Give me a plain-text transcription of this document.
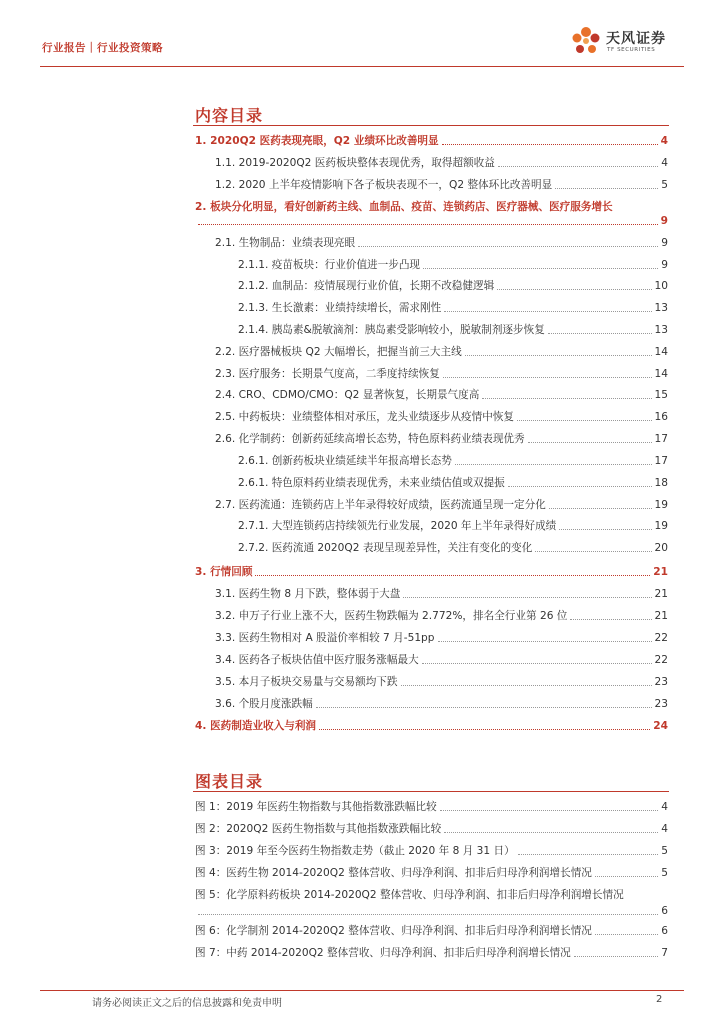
行业报告｜行业投资策略
天风证券
TF SECURITIES
内容目录
图表目录
1. 2020Q2 医药表现亮眼，Q2 业绩环比改善明显	4
1.1. 2019-2020Q2 医药板块整体表现优秀，取得超额收益	4
1.2. 2020 上半年疫情影响下各子板块表现不一，Q2 整体环比改善明显	5
2. 板块分化明显，看好创新药主线、血制品、疫苗、连锁药店、医疗器械、医疗服务增长
9
2.1. 生物制品：业绩表现亮眼	9
2.1.1. 疫苗板块：行业价值进一步凸现	9
2.1.2. 血制品：疫情展现行业价值，长期不改稳健逻辑	10
2.1.3. 生长激素：业绩持续增长，需求刚性	13
2.1.4. 胰岛素&脱敏滴剂：胰岛素受影响较小，脱敏制剂逐步恢复	13
2.2. 医疗器械板块 Q2 大幅增长，把握当前三大主线	14
2.3. 医疗服务：长期景气度高，二季度持续恢复	14
2.4. CRO、CDMO/CMO：Q2 显著恢复，长期景气度高	15
2.5. 中药板块：业绩整体相对承压，龙头业绩逐步从疫情中恢复	16
2.6. 化学制药：创新药延续高增长态势，特色原料药业绩表现优秀	17
2.6.1. 创新药板块业绩延续半年报高增长态势	17
2.6.1. 特色原料药业绩表现优秀，未来业绩估值或双提振	18
2.7. 医药流通：连锁药店上半年录得较好成绩，医药流通呈现一定分化	19
2.7.1. 大型连锁药店持续领先行业发展，2020 年上半年录得好成绩	19
2.7.2. 医药流通 2020Q2 表现呈现差异性，关注有变化的变化	20
3. 行情回顾	21
3.1. 医药生物 8 月下跌，整体弱于大盘	21
3.2. 申万子行业上涨不大，医药生物跌幅为 2.772%，排名全行业第 26 位	21
3.3. 医药生物相对 A 股溢价率相较 7 月-51pp	22
3.4. 医药各子板块估值中医疗服务涨幅最大	22
3.5. 本月子板块交易量与交易额均下跌	23
3.6. 个股月度涨跌幅	23
4. 医药制造业收入与利润	24
图 1：2019 年医药生物指数与其他指数涨跌幅比较	4
图 2：2020Q2 医药生物指数与其他指数涨跌幅比较	4
图 3：2019 年至今医药生物指数走势（截止 2020 年 8 月 31 日）	5
图 4：医药生物 2014-2020Q2 整体营收、归母净利润、扣非后归母净利润增长情况	5
图 5：化学原料药板块 2014-2020Q2 整体营收、归母净利润、扣非后归母净利润增长情况
6
图 6：化学制剂 2014-2020Q2 整体营收、归母净利润、扣非后归母净利润增长情况	6
图 7：中药 2014-2020Q2 整体营收、归母净利润、扣非后归母净利润增长情况	7
请务必阅读正文之后的信息披露和免责申明	2
